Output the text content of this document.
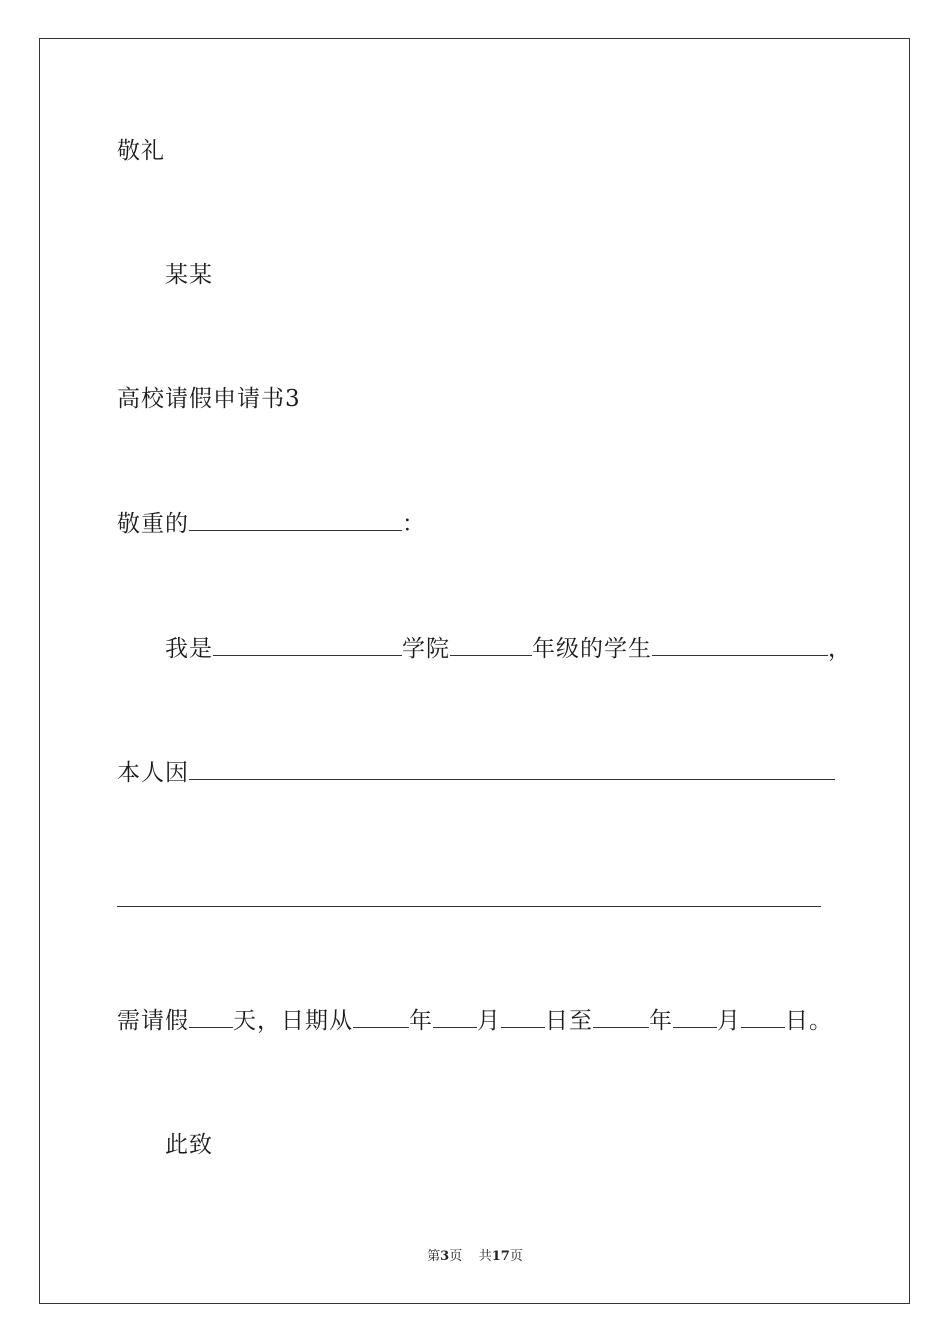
敬礼
某某
高校请假申请书3
敬重的	：
我是	学院	年级的学生	，
本人因
需请假 天，日期从 年 月 日至 年 月 日。
此致
第3页 共17页
